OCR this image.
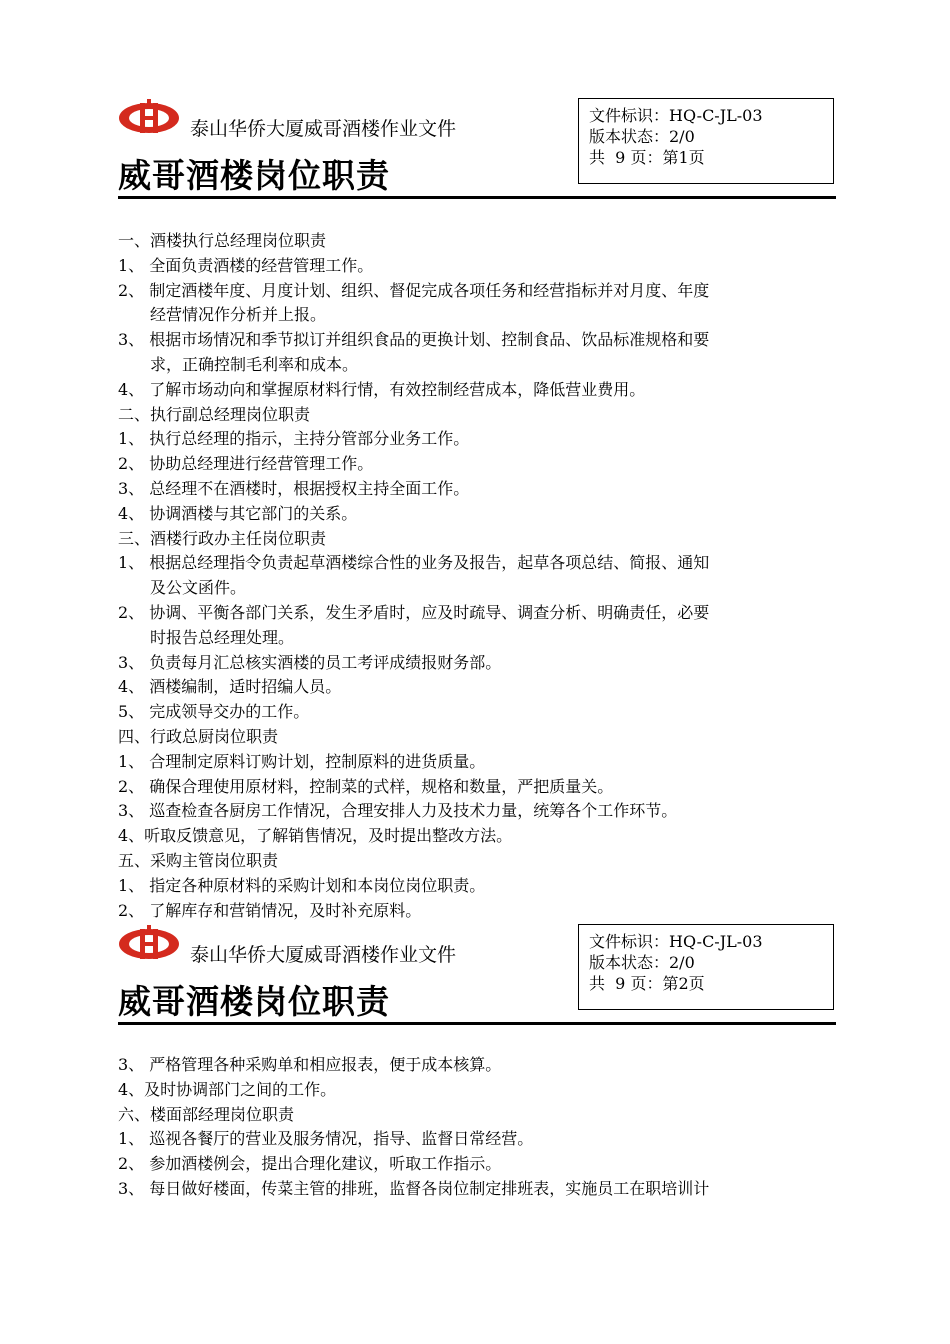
泰山华侨大厦威哥酒楼作业文件
威哥酒楼岗位职责
文件标识：HQ-C-JL-03
版本状态：2/0
共  9 页：第1页
一、酒楼执行总经理岗位职责
1、 全面负责酒楼的经营管理工作。
2、 制定酒楼年度、月度计划、组织、督促完成各项任务和经营指标并对月度、年度
经营情况作分析并上报。
3、 根据市场情况和季节拟订并组织食品的更换计划、控制食品、饮品标准规格和要
求，正确控制毛利率和成本。
4、 了解市场动向和掌握原材料行情，有效控制经营成本，降低营业费用。
二、执行副总经理岗位职责
1、 执行总经理的指示，主持分管部分业务工作。
2、 协助总经理进行经营管理工作。
3、 总经理不在酒楼时，根据授权主持全面工作。
4、 协调酒楼与其它部门的关系。
三、酒楼行政办主任岗位职责
1、 根据总经理指令负责起草酒楼综合性的业务及报告，起草各项总结、简报、通知
及公文函件。
2、 协调、平衡各部门关系，发生矛盾时，应及时疏导、调查分析、明确责任，必要
时报告总经理处理。
3、 负责每月汇总核实酒楼的员工考评成绩报财务部。
4、 酒楼编制，适时招编人员。
5、 完成领导交办的工作。
四、行政总厨岗位职责
1、 合理制定原料订购计划，控制原料的进货质量。
2、 确保合理使用原材料，控制菜的式样，规格和数量，严把质量关。
3、 巡查检查各厨房工作情况，合理安排人力及技术力量，统筹各个工作环节。
4、听取反馈意见，了解销售情况，及时提出整改方法。
五、采购主管岗位职责
1、 指定各种原材料的采购计划和本岗位岗位职责。
2、 了解库存和营销情况，及时补充原料。
泰山华侨大厦威哥酒楼作业文件
威哥酒楼岗位职责
文件标识：HQ-C-JL-03
版本状态：2/0
共  9 页：第2页
3、 严格管理各种采购单和相应报表，便于成本核算。
4、及时协调部门之间的工作。
六、楼面部经理岗位职责
1、 巡视各餐厅的营业及服务情况，指导、监督日常经营。
2、 参加酒楼例会，提出合理化建议，听取工作指示。
3、 每日做好楼面，传菜主管的排班，监督各岗位制定排班表，实施员工在职培训计
